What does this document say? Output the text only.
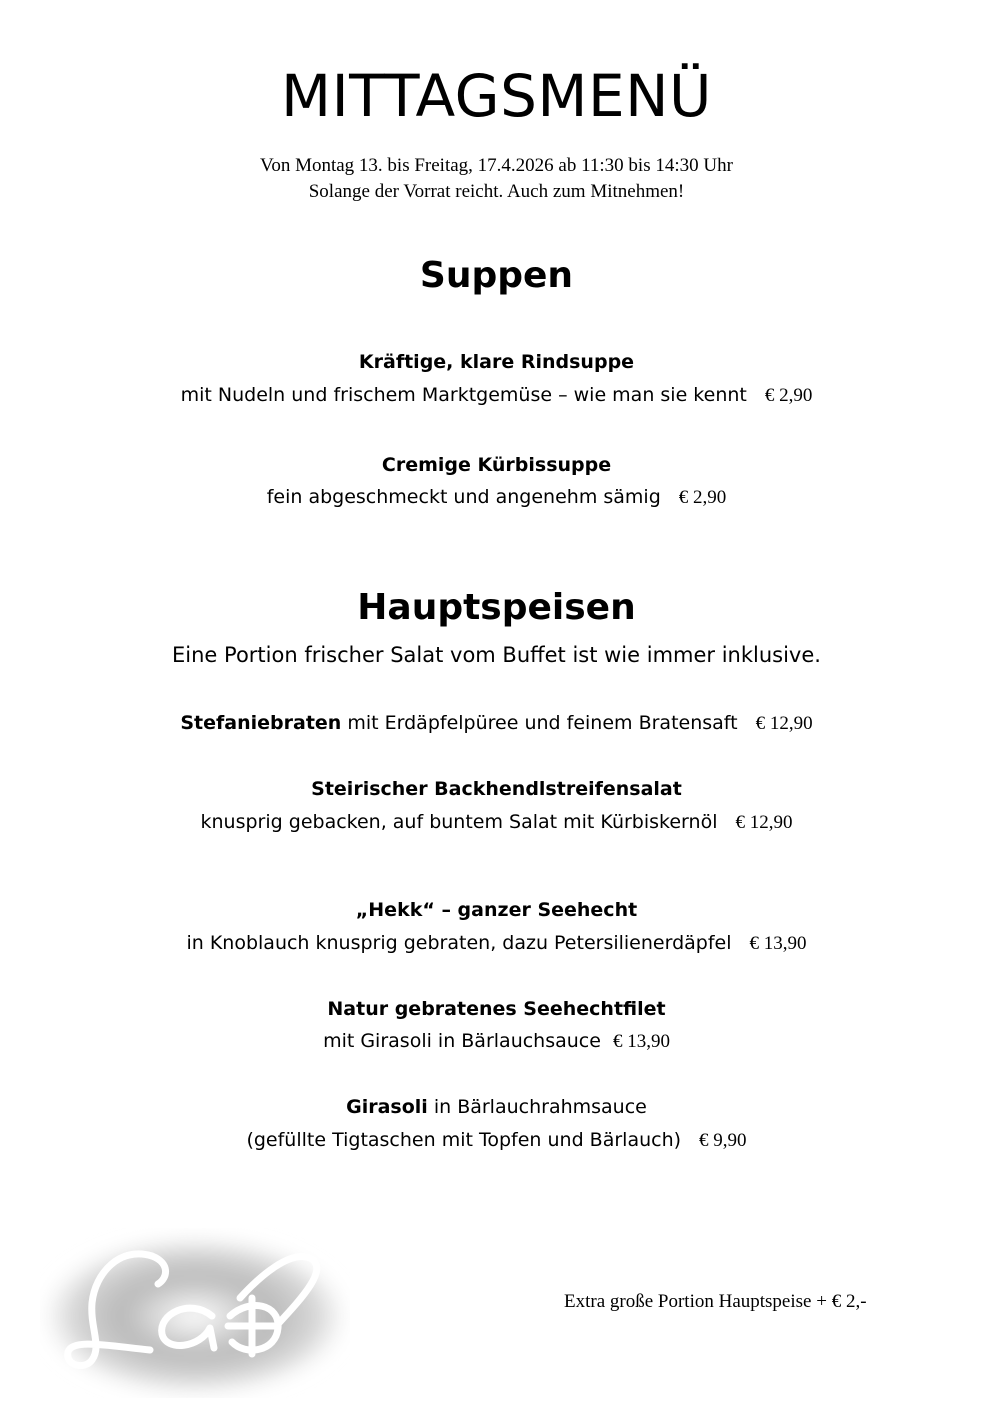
MITTAGSMENÜ
Von Montag 13. bis Freitag, 17.4.2026 ab 11:30 bis 14:30 Uhr
Solange der Vorrat reicht. Auch zum Mitnehmen!
Suppen
Kräftige, klare Rindsuppe
mit Nudeln und frischem Marktgemüse – wie man sie kennt € 2,90
Cremige Kürbissuppe
fein abgeschmeckt und angenehm sämig € 2,90
Hauptspeisen
Eine Portion frischer Salat vom Buffet ist wie immer inklusive.
Stefaniebraten mit Erdäpfelpüree und feinem Bratensaft € 12,90
Steirischer Backhendlstreifensalat
knusprig gebacken, auf buntem Salat mit Kürbiskernöl € 12,90
„Hekk“ – ganzer Seehecht
in Knoblauch knusprig gebraten, dazu Petersilienerdäpfel € 13,90
Natur gebratenes Seehechtfilet
mit Girasoli in Bärlauchsauce € 13,90
Girasoli in Bärlauchrahmsauce
(gefüllte Tigtaschen mit Topfen und Bärlauch) € 9,90
Extra große Portion Hauptspeise + € 2,-
